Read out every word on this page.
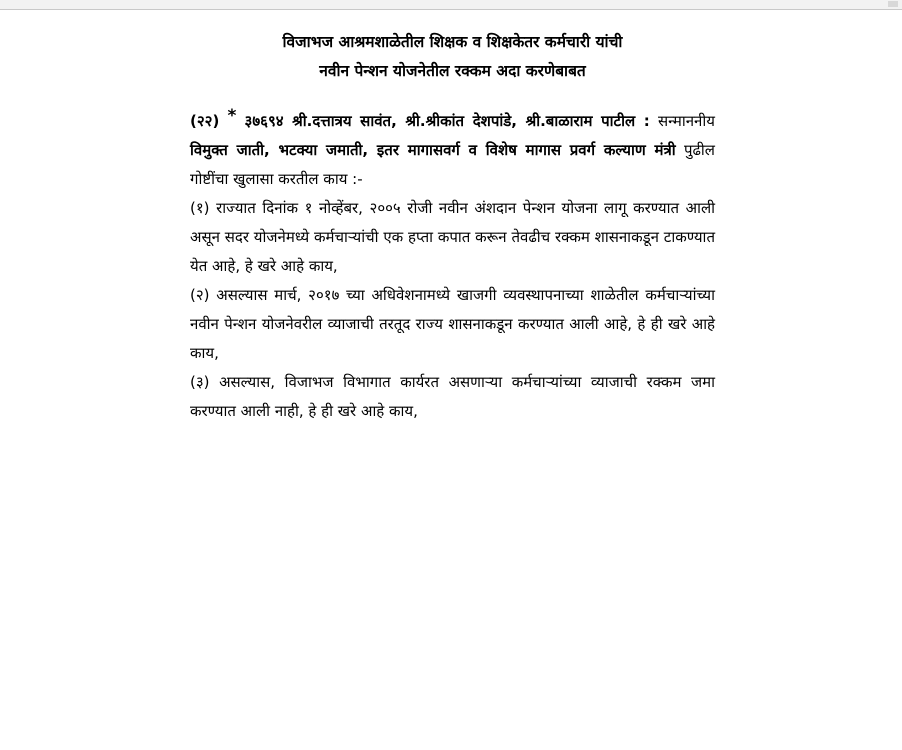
विजाभज आश्रमशाळेतील शिक्षक व शिक्षकेतर कर्मचारी यांची

नवीन पेन्शन योजनेतील रक्कम अदा करणेबाबत

(२२) * ३७६९४ श्री.दत्तात्रय सावंत, श्री.श्रीकांत देशपांडे, श्री.बाळाराम पाटील : सन्माननीय विमुक्त जाती, भटक्या जमाती, इतर मागासवर्ग व विशेष मागास प्रवर्ग कल्याण मंत्री पुढील गोष्टींचा खुलासा करतील काय :-

(१) राज्यात दिनांक १ नोव्हेंबर, २००५ रोजी नवीन अंशदान पेन्शन योजना लागू करण्यात आली असून सदर योजनेमध्ये कर्मचाऱ्यांची एक हप्ता कपात करून तेवढीच रक्कम शासनाकडून टाकण्यात येत आहे, हे खरे आहे काय,

(२) असल्यास मार्च, २०१७ च्या अधिवेशनामध्ये खाजगी व्यवस्थापनाच्या शाळेतील कर्मचाऱ्यांच्या नवीन पेन्शन योजनेवरील व्याजाची तरतूद राज्य शासनाकडून करण्यात आली आहे, हे ही खरे आहे काय,

(३) असल्यास, विजाभज विभागात कार्यरत असणाऱ्या कर्मचाऱ्यांच्या व्याजाची रक्कम जमा करण्यात आली नाही, हे ही खरे आहे काय,
